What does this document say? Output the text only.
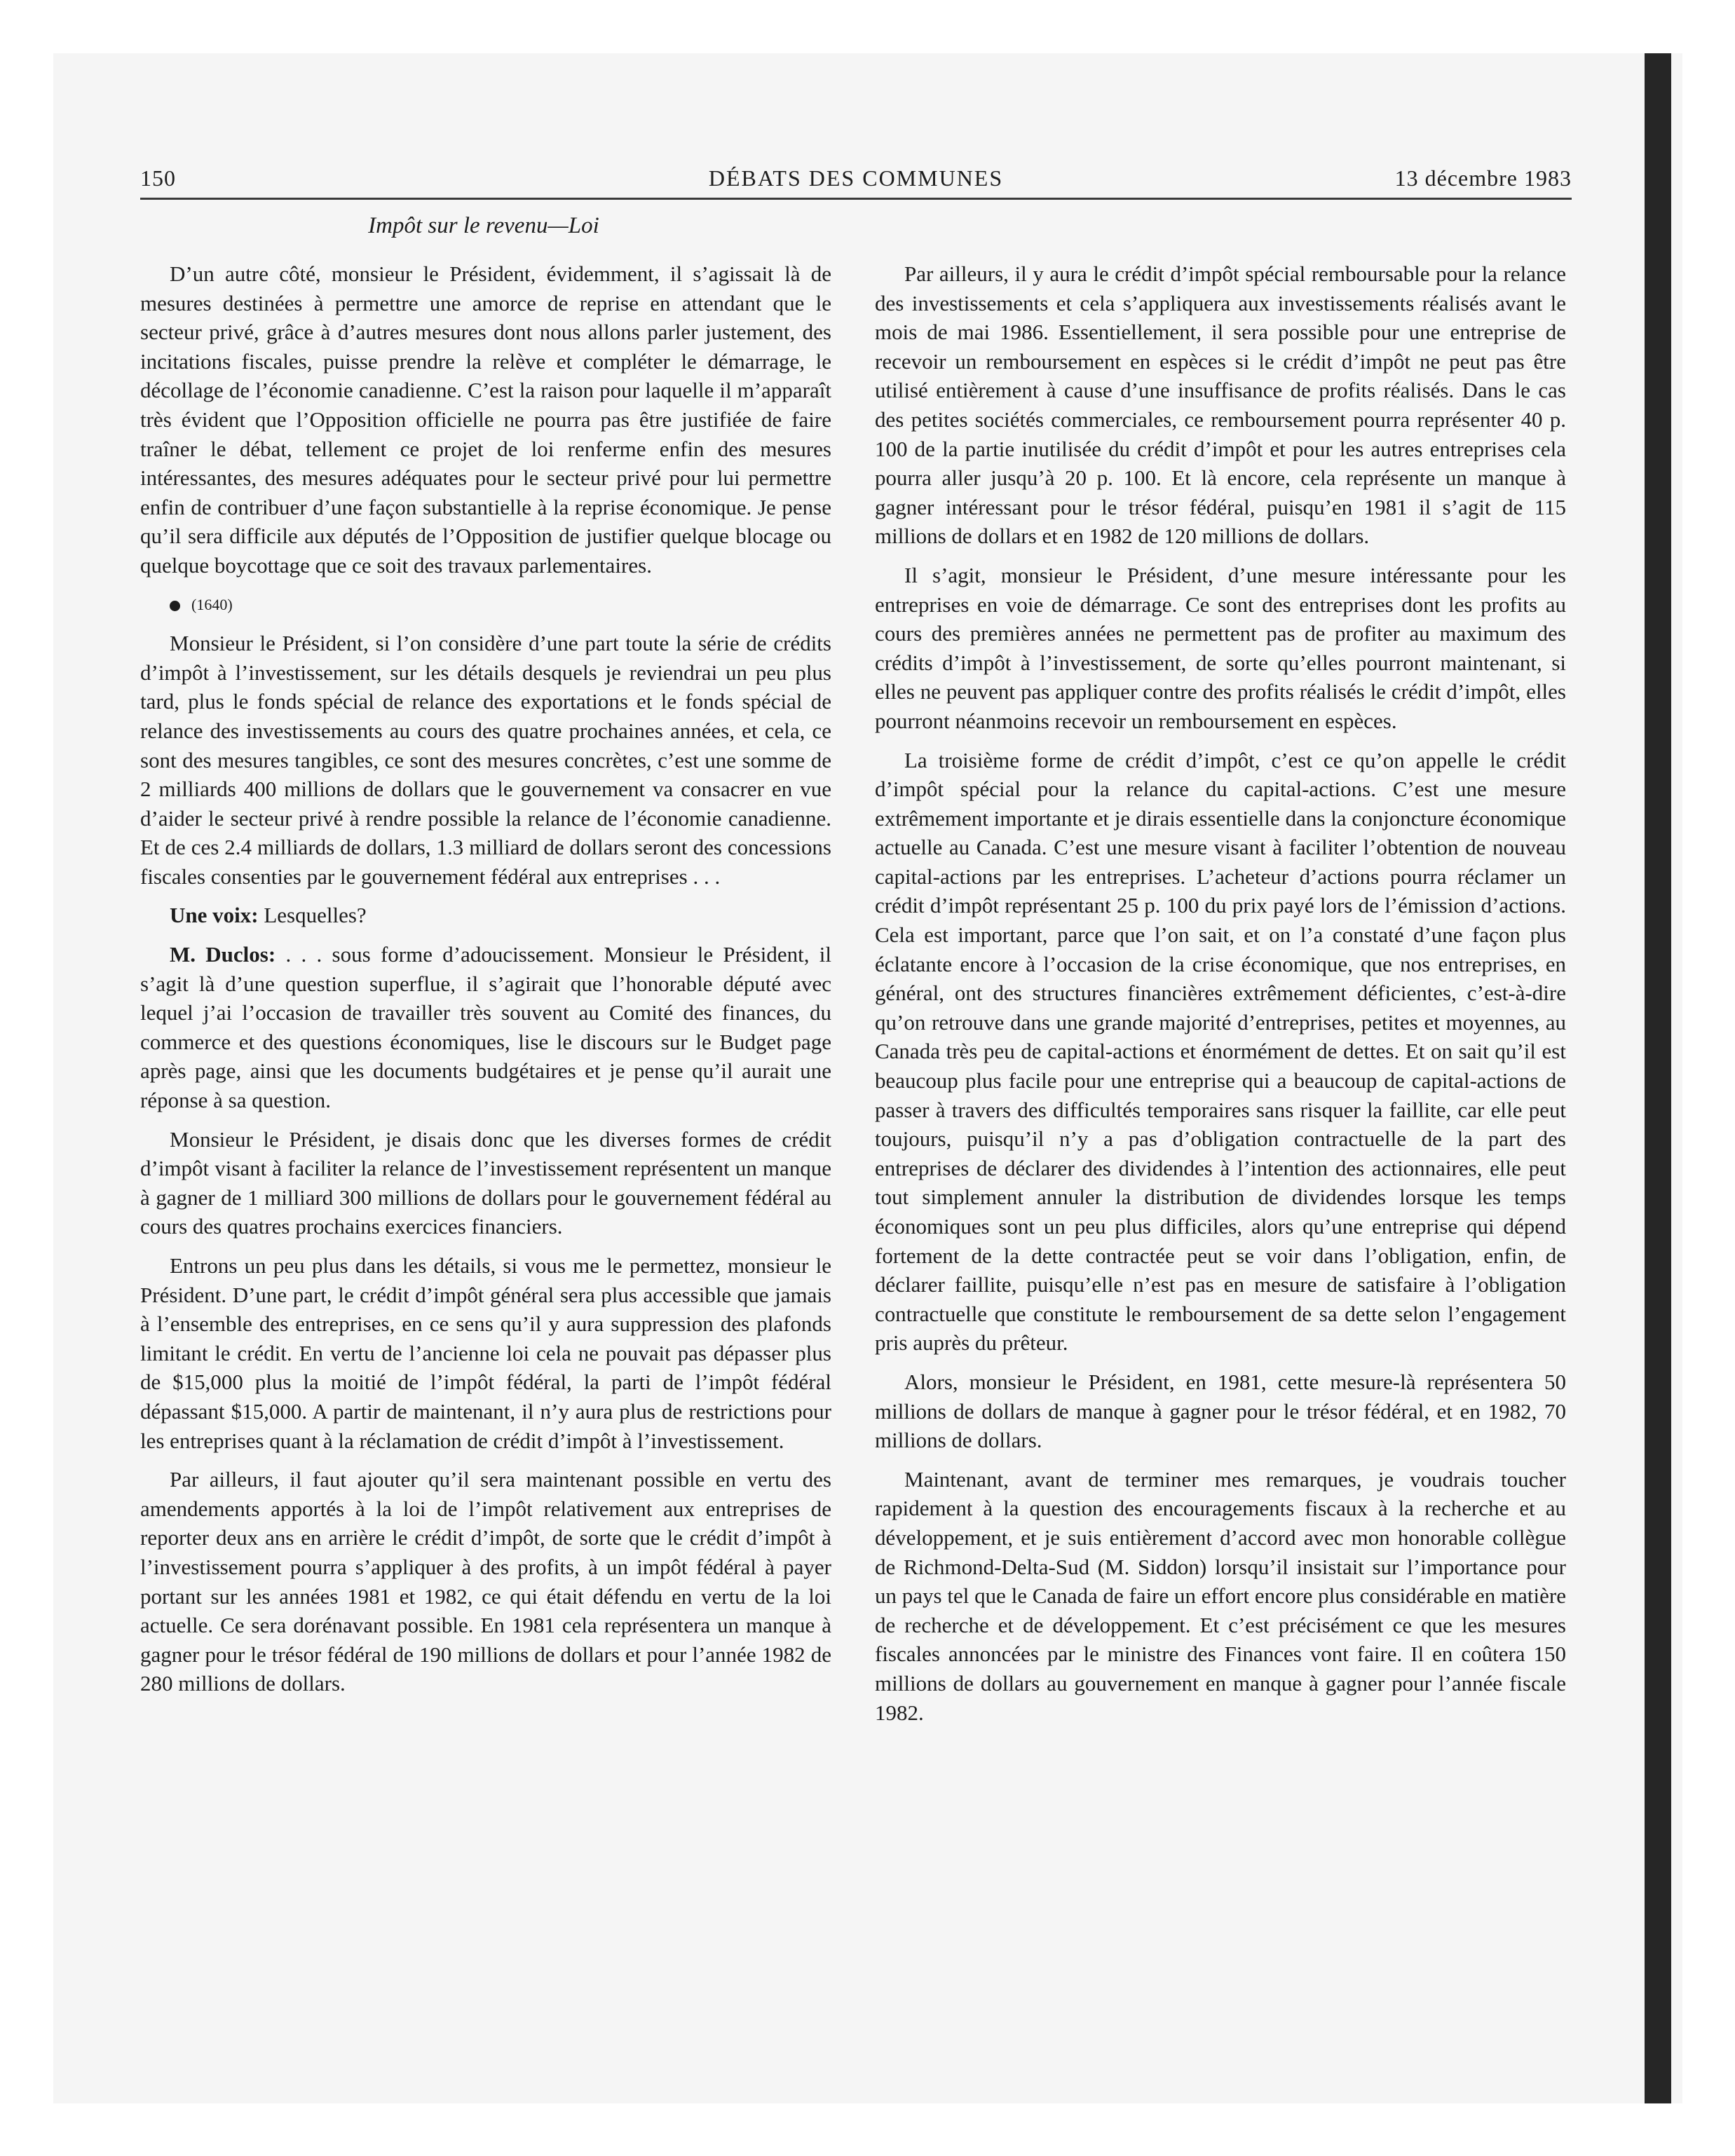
150	DÉBATS DES COMMUNES	13 décembre 1983
Impôt sur le revenu—Loi

D’un autre côté, monsieur le Président, évidemment, il s’agissait là de mesures destinées à permettre une amorce de reprise en attendant que le secteur privé, grâce à d’autres mesures dont nous allons parler justement, des incitations fiscales, puisse prendre la relève et compléter le démarrage, le décollage de l’économie canadienne. C’est la raison pour laquelle il m’apparaît très évident que l’Opposition officielle ne pourra pas être justifiée de faire traîner le débat, tellement ce projet de loi renferme enfin des mesures intéressantes, des mesures adéquates pour le secteur privé pour lui permettre enfin de contribuer d’une façon substantielle à la reprise économique. Je pense qu’il sera difficile aux députés de l’Opposition de justifier quelque blocage ou quelque boycottage que ce soit des travaux parlementaires.

(1640)

Monsieur le Président, si l’on considère d’une part toute la série de crédits d’impôt à l’investissement, sur les détails desquels je reviendrai un peu plus tard, plus le fonds spécial de relance des exportations et le fonds spécial de relance des investissements au cours des quatre prochaines années, et cela, ce sont des mesures tangibles, ce sont des mesures concrètes, c’est une somme de 2 milliards 400 millions de dollars que le gouvernement va consacrer en vue d’aider le secteur privé à rendre possible la relance de l’économie canadienne. Et de ces 2.4 milliards de dollars, 1.3 milliard de dollars seront des concessions fiscales consenties par le gouvernement fédéral aux entreprises . . .

Une voix: Lesquelles?

M. Duclos: . . . sous forme d’adoucissement. Monsieur le Président, il s’agit là d’une question superflue, il s’agirait que l’honorable député avec lequel j’ai l’occasion de travailler très souvent au Comité des finances, du commerce et des questions économiques, lise le discours sur le Budget page après page, ainsi que les documents budgétaires et je pense qu’il aurait une réponse à sa question.

Monsieur le Président, je disais donc que les diverses formes de crédit d’impôt visant à faciliter la relance de l’investissement représentent un manque à gagner de 1 milliard 300 millions de dollars pour le gouvernement fédéral au cours des quatres prochains exercices financiers.

Entrons un peu plus dans les détails, si vous me le permettez, monsieur le Président. D’une part, le crédit d’impôt général sera plus accessible que jamais à l’ensemble des entreprises, en ce sens qu’il y aura suppression des plafonds limitant le crédit. En vertu de l’ancienne loi cela ne pouvait pas dépasser plus de $15,000 plus la moitié de l’impôt fédéral, la parti de l’impôt fédéral dépassant $15,000. A partir de maintenant, il n’y aura plus de restrictions pour les entreprises quant à la réclamation de crédit d’impôt à l’investissement.

Par ailleurs, il faut ajouter qu’il sera maintenant possible en vertu des amendements apportés à la loi de l’impôt relativement aux entreprises de reporter deux ans en arrière le crédit d’impôt, de sorte que le crédit d’impôt à l’investissement pourra s’appliquer à des profits, à un impôt fédéral à payer portant sur les années 1981 et 1982, ce qui était défendu en vertu de la loi actuelle. Ce sera dorénavant possible. En 1981 cela représentera un manque à gagner pour le trésor fédéral de 190 millions de dollars et pour l’année 1982 de 280 millions de dollars.

Par ailleurs, il y aura le crédit d’impôt spécial remboursable pour la relance des investissements et cela s’appliquera aux investissements réalisés avant le mois de mai 1986. Essentiellement, il sera possible pour une entreprise de recevoir un remboursement en espèces si le crédit d’impôt ne peut pas être utilisé entièrement à cause d’une insuffisance de profits réalisés. Dans le cas des petites sociétés commerciales, ce remboursement pourra représenter 40 p. 100 de la partie inutilisée du crédit d’impôt et pour les autres entreprises cela pourra aller jusqu’à 20 p. 100. Et là encore, cela représente un manque à gagner intéressant pour le trésor fédéral, puisqu’en 1981 il s’agit de 115 millions de dollars et en 1982 de 120 millions de dollars.

Il s’agit, monsieur le Président, d’une mesure intéressante pour les entreprises en voie de démarrage. Ce sont des entreprises dont les profits au cours des premières années ne permettent pas de profiter au maximum des crédits d’impôt à l’investissement, de sorte qu’elles pourront maintenant, si elles ne peuvent pas appliquer contre des profits réalisés le crédit d’impôt, elles pourront néanmoins recevoir un remboursement en espèces.

La troisième forme de crédit d’impôt, c’est ce qu’on appelle le crédit d’impôt spécial pour la relance du capital-actions. C’est une mesure extrêmement importante et je dirais essentielle dans la conjoncture économique actuelle au Canada. C’est une mesure visant à faciliter l’obtention de nouveau capital-actions par les entreprises. L’acheteur d’actions pourra réclamer un crédit d’impôt représentant 25 p. 100 du prix payé lors de l’émission d’actions. Cela est important, parce que l’on sait, et on l’a constaté d’une façon plus éclatante encore à l’occasion de la crise économique, que nos entreprises, en général, ont des structures financières extrêmement déficientes, c’est-à-dire qu’on retrouve dans une grande majorité d’entreprises, petites et moyennes, au Canada très peu de capital-actions et énormément de dettes. Et on sait qu’il est beaucoup plus facile pour une entreprise qui a beaucoup de capital-actions de passer à travers des difficultés temporaires sans risquer la faillite, car elle peut toujours, puisqu’il n’y a pas d’obligation contractuelle de la part des entreprises de déclarer des dividendes à l’intention des actionnaires, elle peut tout simplement annuler la distribution de dividendes lorsque les temps économiques sont un peu plus difficiles, alors qu’une entreprise qui dépend fortement de la dette contractée peut se voir dans l’obligation, enfin, de déclarer faillite, puisqu’elle n’est pas en mesure de satisfaire à l’obligation contractuelle que constitute le remboursement de sa dette selon l’engagement pris auprès du prêteur.

Alors, monsieur le Président, en 1981, cette mesure-là représentera 50 millions de dollars de manque à gagner pour le trésor fédéral, et en 1982, 70 millions de dollars.

Maintenant, avant de terminer mes remarques, je voudrais toucher rapidement à la question des encouragements fiscaux à la recherche et au développement, et je suis entièrement d’accord avec mon honorable collègue de Richmond-Delta-Sud (M. Siddon) lorsqu’il insistait sur l’importance pour un pays tel que le Canada de faire un effort encore plus considérable en matière de recherche et de développement. Et c’est précisément ce que les mesures fiscales annoncées par le ministre des Finances vont faire. Il en coûtera 150 millions de dollars au gouvernement en manque à gagner pour l’année fiscale 1982.
